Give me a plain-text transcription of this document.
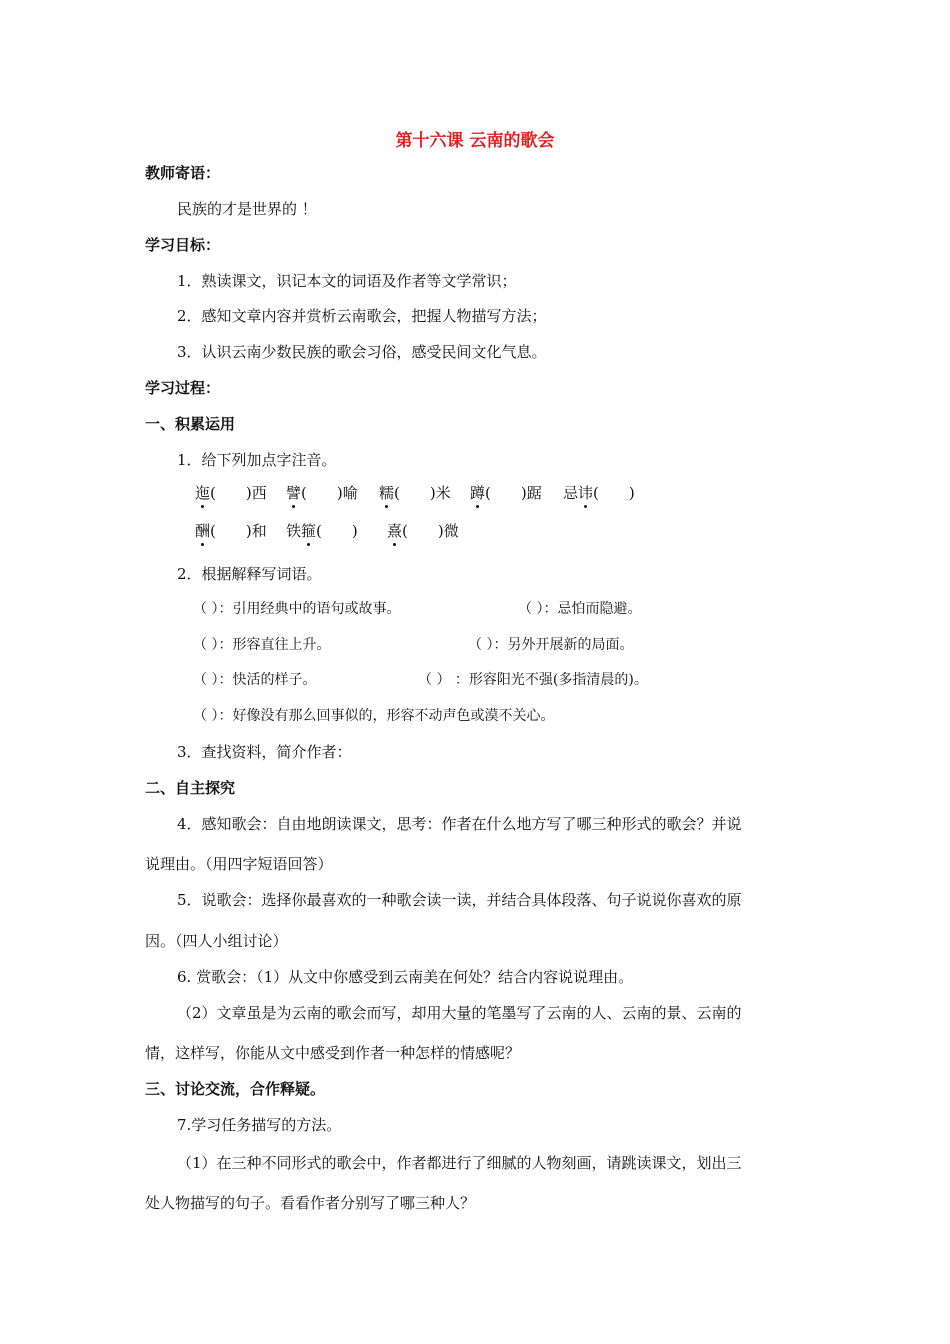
第十六课 云南的歌会
教师寄语：
民族的才是世界的 ！
学习目标：
1．熟读课文，识记本文的词语及作者等文学常识；
2．感知文章内容并赏析云南歌会，把握人物描写方法；
3．认识云南少数民族的歌会习俗，感受民间文化气息。
学习过程：
一、积累运用
1．给下列加点字注音。
迤(　　)西 譬(　　)喻 糯(　　)米 蹲(　　)踞 忌讳(　　)
酬(　　)和 铁箍(　　) 熹(　　)微
2．根据解释写词语。
（ ）：引用经典中的语句或故事。	（ ）：忌怕而隐避。
（ ）：形容直往上升。	（ ）：另外开展新的局面。
（ ）：快活的样子。	（ ） ：形容阳光不强(多指清晨的)。
（ ）：好像没有那么回事似的，形容不动声色或漠不关心。
3．查找资料，简介作者：
二、自主探究
4．感知歌会：自由地朗读课文，思考：作者在什么地方写了哪三种形式的歌会？并说
说理由。（用四字短语回答）
5．说歌会：选择你最喜欢的一种歌会读一读，并结合具体段落、句子说说你喜欢的原
因。（四人小组讨论）
6. 赏歌会：（1）从文中你感受到云南美在何处？结合内容说说理由。
（2）文章虽是为云南的歌会而写，却用大量的笔墨写了云南的人、云南的景、云南的
情，这样写，你能从文中感受到作者一种怎样的情感呢？
三、讨论交流，合作释疑。
7.学习任务描写的方法。
（1）在三种不同形式的歌会中，作者都进行了细腻的人物刻画，请跳读课文，划出三
处人物描写的句子。看看作者分别写了哪三种人？
